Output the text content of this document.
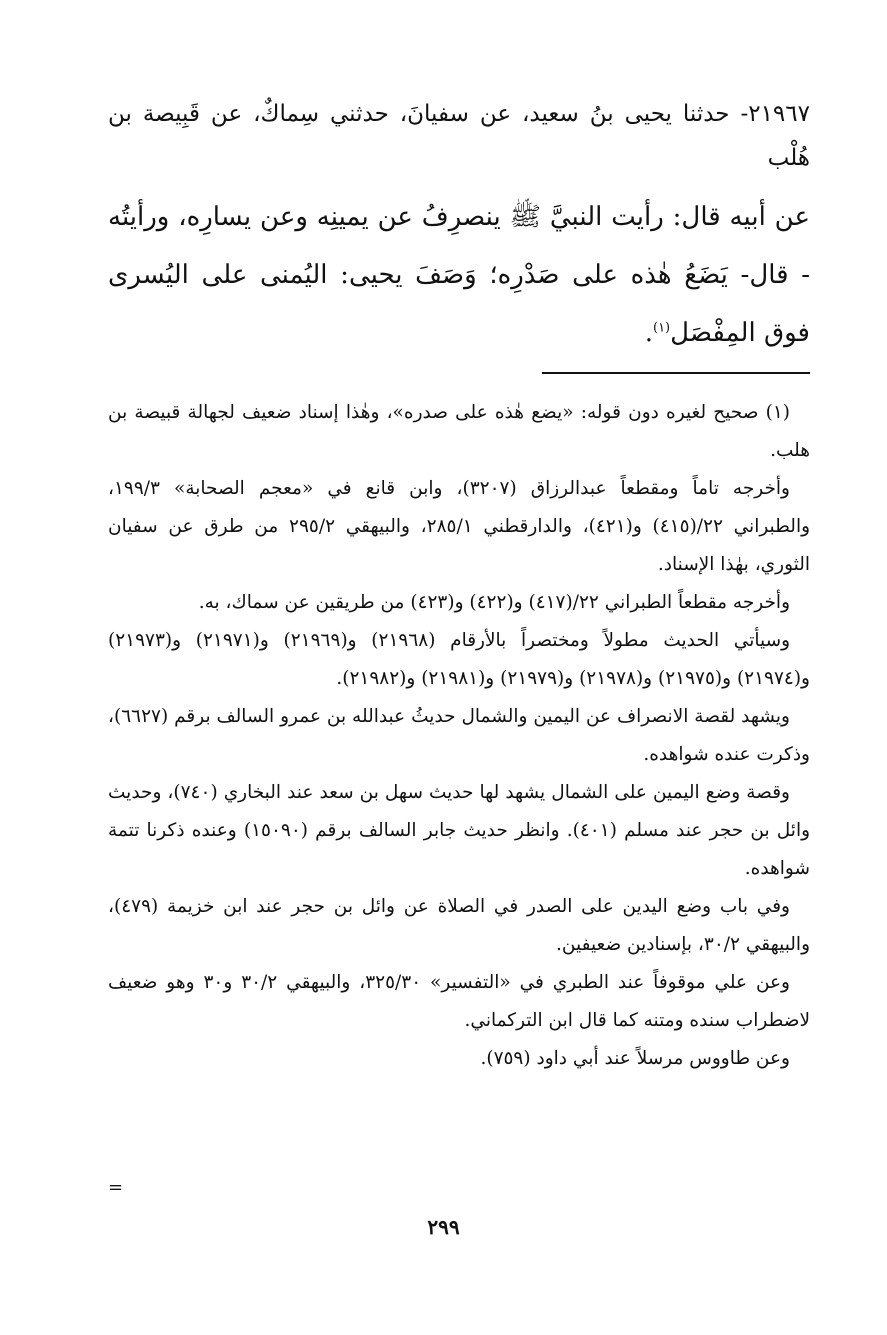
٢١٩٦٧- حدثنا يحيى بنُ سعيد، عن سفيانَ، حدثني سِماكٌ، عن قَبِيصة بن هُلْب

عن أبيه قال: رأيت النبيَّ ﷺ ينصرِفُ عن يمينِه وعن يسارِه، ورأيتُه - قال- يَضَعُ هٰذه على صَدْرِه؛ وَصَفَ يحيى: اليُمنى على اليُسرى فوق المِفْصَل$^{(١)}$.

(١) صحيح لغيره دون قوله: «يضع هٰذه على صدره»، وهٰذا إسناد ضعيف لجهالة قبيصة بن هلب.

وأخرجه تاماً ومقطعاً عبدالرزاق (٣٢٠٧)، وابن قانع في «معجم الصحابة» ١٩٩/٣، والطبراني ٢٢/(٤١٥) و(٤٢١)، والدارقطني ٢٨٥/١، والبيهقي ٢٩٥/٢ من طرق عن سفيان الثوري، بهٰذا الإسناد.

وأخرجه مقطعاً الطبراني ٢٢/(٤١٧) و(٤٢٢) و(٤٢٣) من طريقين عن سماك، به.

وسيأتي الحديث مطولاً ومختصراً بالأرقام (٢١٩٦٨) و(٢١٩٦٩) و(٢١٩٧١) و(٢١٩٧٣) و(٢١٩٧٤) و(٢١٩٧٥) و(٢١٩٧٨) و(٢١٩٧٩) و(٢١٩٨١) و(٢١٩٨٢).

ويشهد لقصة الانصراف عن اليمين والشمال حديثُ عبدالله بن عمرو السالف برقم (٦٦٢٧)، وذكرت عنده شواهده.

وقصة وضع اليمين على الشمال يشهد لها حديث سهل بن سعد عند البخاري (٧٤٠)، وحديث وائل بن حجر عند مسلم (٤٠١). وانظر حديث جابر السالف برقم (١٥٠٩٠) وعنده ذكرنا تتمة شواهده.

وفي باب وضع اليدين على الصدر في الصلاة عن وائل بن حجر عند ابن خزيمة (٤٧٩)، والبيهقي ٣٠/٢، بإسنادين ضعيفين.

وعن علي موقوفاً عند الطبري في «التفسير» ٣٢٥/٣٠، والبيهقي ٣٠/٢ و٣٠ وهو ضعيف لاضطراب سنده ومتنه كما قال ابن التركماني.

وعن طاووس مرسلاً عند أبي داود (٧٥٩).

=
٢٩٩
